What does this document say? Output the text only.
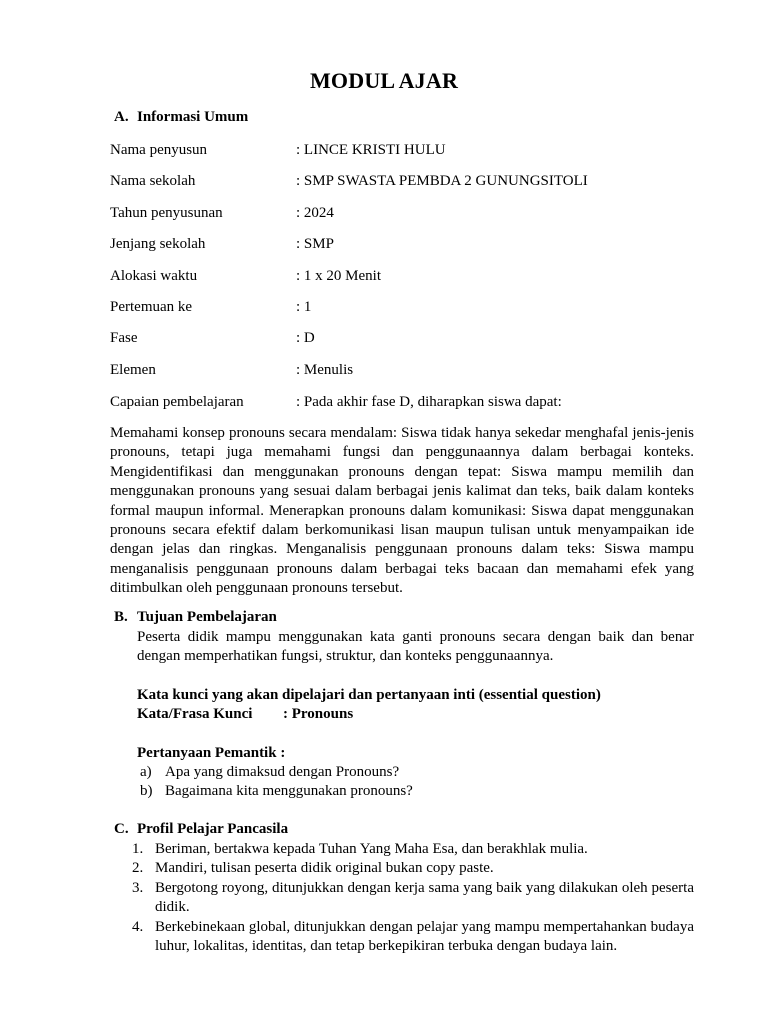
MODUL AJAR
A. Informasi Umum
Nama penyusun	: LINCE KRISTI HULU
Nama sekolah	: SMP SWASTA PEMBDA 2 GUNUNGSITOLI
Tahun penyusunan	: 2024
Jenjang sekolah	: SMP
Alokasi waktu	: 1 x 20 Menit
Pertemuan ke	: 1
Fase	: D
Elemen	: Menulis
Capaian pembelajaran	: Pada akhir fase D, diharapkan siswa dapat:
Memahami konsep pronouns secara mendalam: Siswa tidak hanya sekedar menghafal jenis-jenis pronouns, tetapi juga memahami fungsi dan penggunaannya dalam berbagai konteks. Mengidentifikasi dan menggunakan pronouns dengan tepat: Siswa mampu memilih dan menggunakan pronouns yang sesuai dalam berbagai jenis kalimat dan teks, baik dalam konteks formal maupun informal. Menerapkan pronouns dalam komunikasi: Siswa dapat menggunakan pronouns secara efektif dalam berkomunikasi lisan maupun tulisan untuk menyampaikan ide dengan jelas dan ringkas. Menganalisis penggunaan pronouns dalam teks: Siswa mampu menganalisis penggunaan pronouns dalam berbagai teks bacaan dan memahami efek yang ditimbulkan oleh penggunaan pronouns tersebut.
B. Tujuan Pembelajaran
Peserta didik mampu menggunakan kata ganti pronouns secara dengan baik dan benar dengan memperhatikan fungsi, struktur, dan konteks penggunaannya.
Kata kunci yang akan dipelajari dan pertanyaan inti (essential question)
Kata/Frasa Kunci : Pronouns
Pertanyaan Pemantik :
a) Apa yang dimaksud dengan Pronouns?
b) Bagaimana kita menggunakan pronouns?
C. Profil Pelajar Pancasila
1. Beriman, bertakwa kepada Tuhan Yang Maha Esa, dan berakhlak mulia.
2. Mandiri, tulisan peserta didik original bukan copy paste.
3. Bergotong royong, ditunjukkan dengan kerja sama yang baik yang dilakukan oleh peserta didik.
4. Berkebinekaan global, ditunjukkan dengan pelajar yang mampu mempertahankan budaya luhur, lokalitas, identitas, dan tetap berkepikiran terbuka dengan budaya lain.
